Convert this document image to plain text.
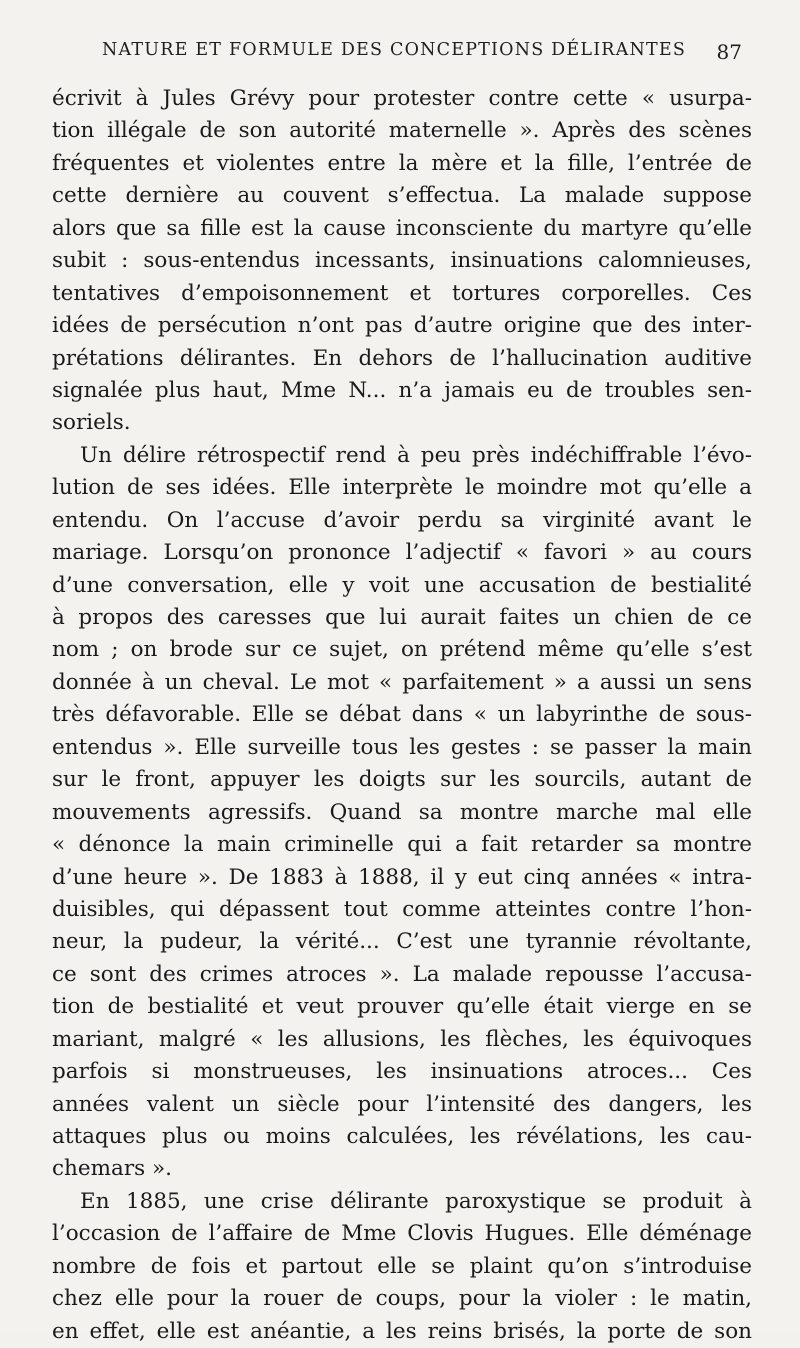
NATURE ET FORMULE DES CONCEPTIONS DÉLIRANTES 87
écrivit à Jules Grévy pour protester contre cette « usurpa-
tion illégale de son autorité maternelle ». Après des scènes
fréquentes et violentes entre la mère et la fille, l’entrée de
cette dernière au couvent s’effectua. La malade suppose
alors que sa fille est la cause inconsciente du martyre qu’elle
subit : sous-entendus incessants, insinuations calomnieuses,
tentatives d’empoisonnement et tortures corporelles. Ces
idées de persécution n’ont pas d’autre origine que des inter-
prétations délirantes. En dehors de l’hallucination auditive
signalée plus haut, Mme N... n’a jamais eu de troubles sen-
soriels.
Un délire rétrospectif rend à peu près indéchiffrable l’évo-
lution de ses idées. Elle interprète le moindre mot qu’elle a
entendu. On l’accuse d’avoir perdu sa virginité avant le
mariage. Lorsqu’on prononce l’adjectif « favori » au cours
d’une conversation, elle y voit une accusation de bestialité
à propos des caresses que lui aurait faites un chien de ce
nom ; on brode sur ce sujet, on prétend même qu’elle s’est
donnée à un cheval. Le mot « parfaitement » a aussi un sens
très défavorable. Elle se débat dans « un labyrinthe de sous-
entendus ». Elle surveille tous les gestes : se passer la main
sur le front, appuyer les doigts sur les sourcils, autant de
mouvements agressifs. Quand sa montre marche mal elle
« dénonce la main criminelle qui a fait retarder sa montre
d’une heure ». De 1883 à 1888, il y eut cinq années « intra-
duisibles, qui dépassent tout comme atteintes contre l’hon-
neur, la pudeur, la vérité... C’est une tyrannie révoltante,
ce sont des crimes atroces ». La malade repousse l’accusa-
tion de bestialité et veut prouver qu’elle était vierge en se
mariant, malgré « les allusions, les flèches, les équivoques
parfois si monstrueuses, les insinuations atroces... Ces
années valent un siècle pour l’intensité des dangers, les
attaques plus ou moins calculées, les révélations, les cau-
chemars ».
En 1885, une crise délirante paroxystique se produit à
l’occasion de l’affaire de Mme Clovis Hugues. Elle déménage
nombre de fois et partout elle se plaint qu’on s’introduise
chez elle pour la rouer de coups, pour la violer : le matin,
en effet, elle est anéantie, a les reins brisés, la porte de son
